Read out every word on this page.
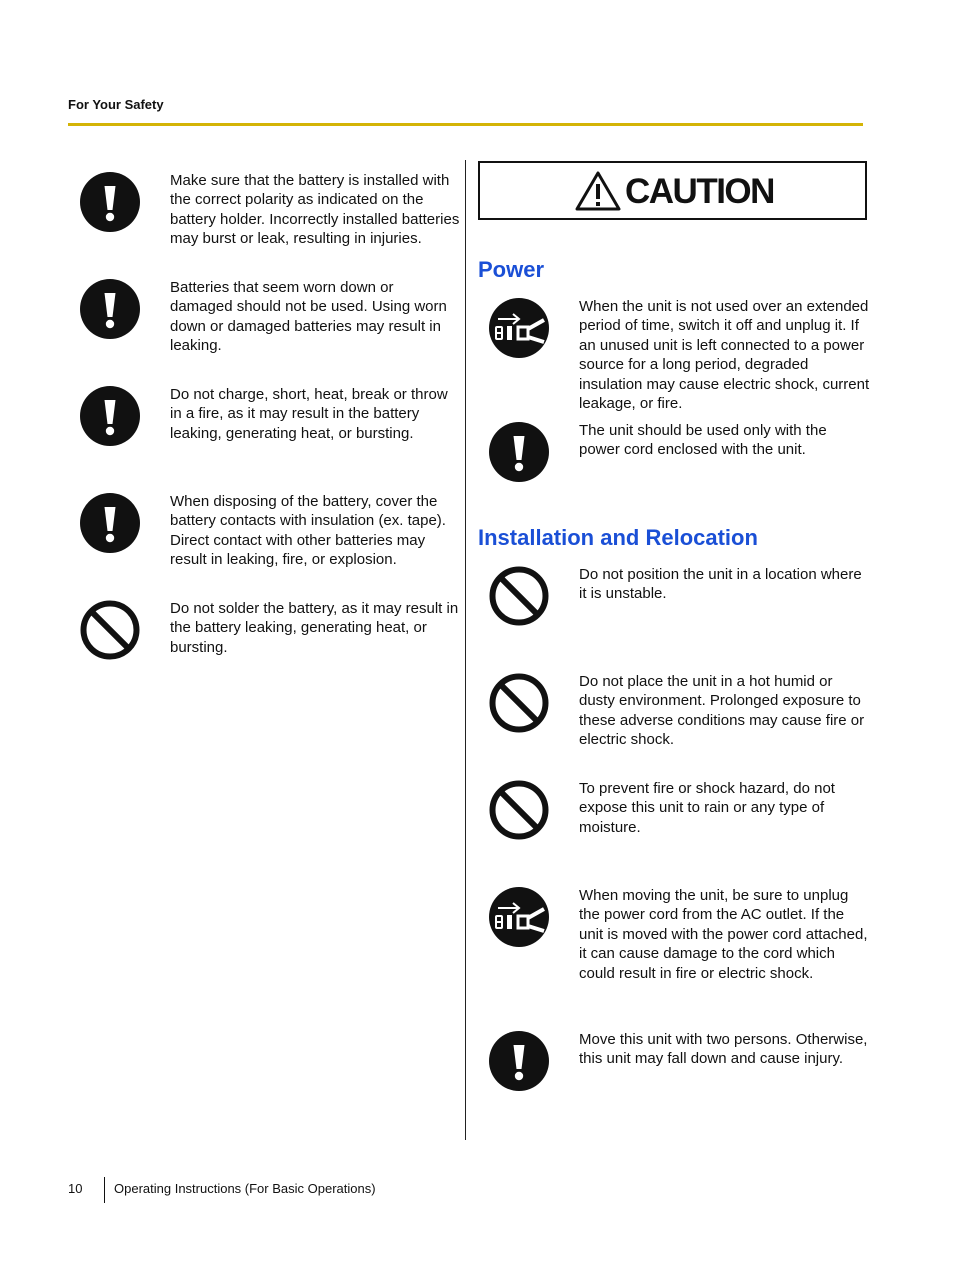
For Your Safety
Make sure that the battery is installed with the correct polarity as indicated on the battery holder. Incorrectly installed batteries may burst or leak, resulting in injuries.
Batteries that seem worn down or damaged should not be used. Using worn down or damaged batteries may result in leaking.
Do not charge, short, heat, break or throw in a fire, as it may result in the battery leaking, generating heat, or bursting.
When disposing of the battery, cover the battery contacts with insulation (ex. tape). Direct contact with other batteries may result in leaking, fire, or explosion.
Do not solder the battery, as it may result in the battery leaking, generating heat, or bursting.
CAUTION
Power
When the unit is not used over an extended period of time, switch it off and unplug it. If an unused unit is left connected to a power source for a long period, degraded insulation may cause electric shock, current leakage, or fire.
The unit should be used only with the power cord enclosed with the unit.
Installation and Relocation
Do not position the unit in a location where it is unstable.
Do not place the unit in a hot humid or dusty environment. Prolonged exposure to these adverse conditions may cause fire or electric shock.
To prevent fire or shock hazard, do not expose this unit to rain or any type of moisture.
When moving the unit, be sure to unplug the power cord from the AC outlet. If the unit is moved with the power cord attached, it can cause damage to the cord which could result in fire or electric shock.
Move this unit with two persons. Otherwise, this unit may fall down and cause injury.
10 Operating Instructions (For Basic Operations)
